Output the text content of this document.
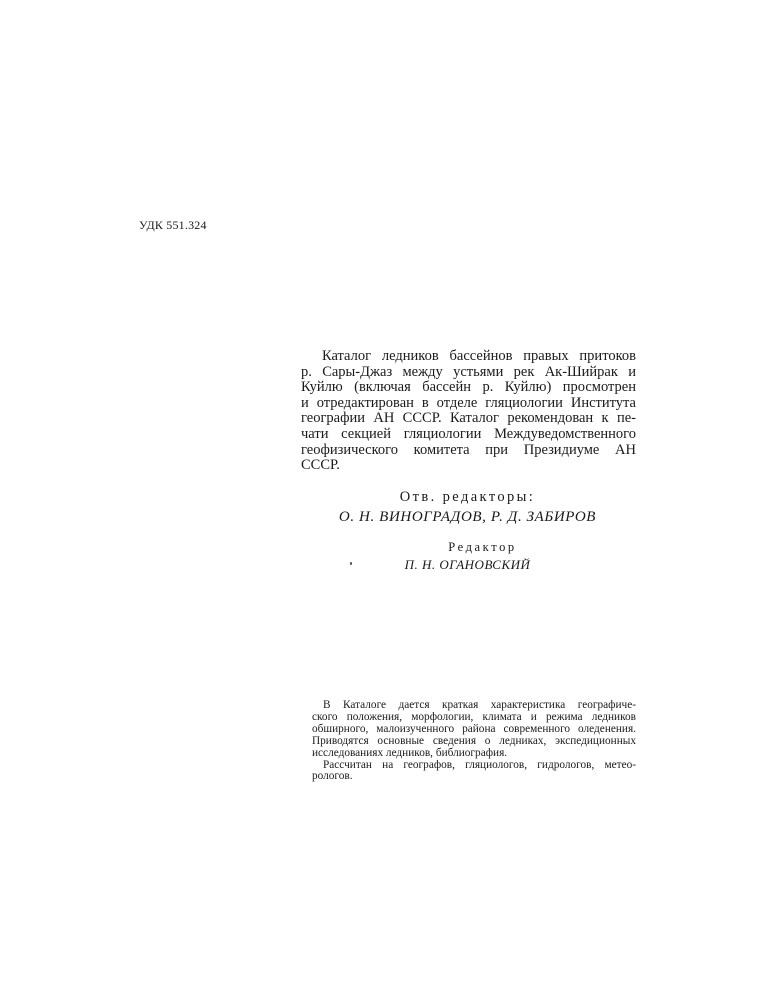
УДК 551.324

Каталог ледников бассейнов правых притоков
р. Сары-Джаз между устьями рек Ак-Шийрак и
Куйлю (включая бассейн р. Куйлю) просмотрен
и отредактирован в отделе гляциологии Института
географии АН СССР. Каталог рекомендован к пе-
чати секцией гляциологии Междуведомственного
геофизического комитета при Президиуме АН
СССР.

Отв. редакторы:
О. Н. ВИНОГРАДОВ, Р. Д. ЗАБИРОВ
Редактор
П. Н. ОГАНОВСКИЙ

В Каталоге дается краткая характеристика географиче-
ского положения, морфологии, климата и режима ледников
обширного, малоизученного района современного оледенения.
Приводятся основные сведения о ледниках, экспедиционных
исследованиях ледников, библиография.
Рассчитан на географов, гляциологов, гидрологов, метео-
рологов.
